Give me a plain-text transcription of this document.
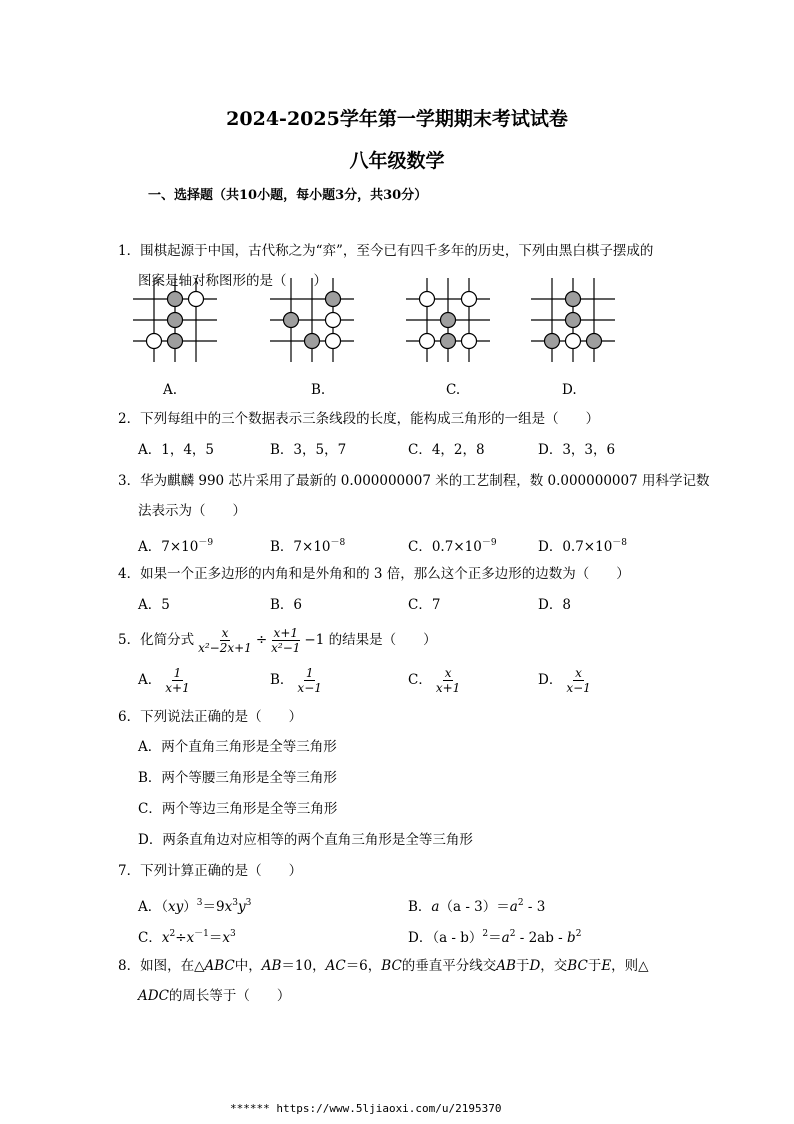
2024-2025学年第一学期期末考试试卷
八年级数学
一、选择题（共10小题，每小题3分，共30分）
1．围棋起源于中国，古代称之为“弈”，至今已有四千多年的历史，下列由黑白棋子摆成的
图案是轴对称图形的是（　　）
A.	B.	C.	D.
2．下列每组中的三个数据表示三条线段的长度，能构成三角形的一组是（　　）
A．1，4，5	B．3，5，7	C．4，2，8	D．3，3，6
3．华为麒麟 990 芯片采用了最新的 0.000000007 米的工艺制程，数 0.000000007 用科学记数
法表示为（　　）
A．$7\times 10^{-9}$	B．$7\times 10^{-8}$	C．$0.7\times 10^{-9}$	D．$0.7\times 10^{-8}$
4．如果一个正多边形的内角和是外角和的 3 倍，那么这个正多边形的边数为（　　）
A．5	B．6	C．7	D．8
5．化简分式 $\frac{x}{\text{x²−2x+1}} \div \frac{x+1}{\text{x²−1}} -1$ 的结果是（　　）
A． $\frac{1}{x+1}$	B． $\frac{1}{x-1}$	C． $\frac{x}{x+1}$	D． $\frac{x}{x-1}$
6．下列说法正确的是（　　）
A．两个直角三角形是全等三角形
B．两个等腰三角形是全等三角形
C．两个等边三角形是全等三角形
D．两条直角边对应相等的两个直角三角形是全等三角形
7．下列计算正确的是（　　）
A．$(xy)^3=9x^3y^3$	B．$a(a - 3)=a^2 - 3$
C．$x^2\div x^{-1}=x^3$	D．$(a - b)^2=a^2 - 2ab - b^2$
8．如图，在△ABC中，AB＝10，AC＝6，BC的垂直平分线交AB于D，交BC于E，则△
ADC的周长等于（　　）
****** https://www.5ljiaoxi.com/u/2195370
